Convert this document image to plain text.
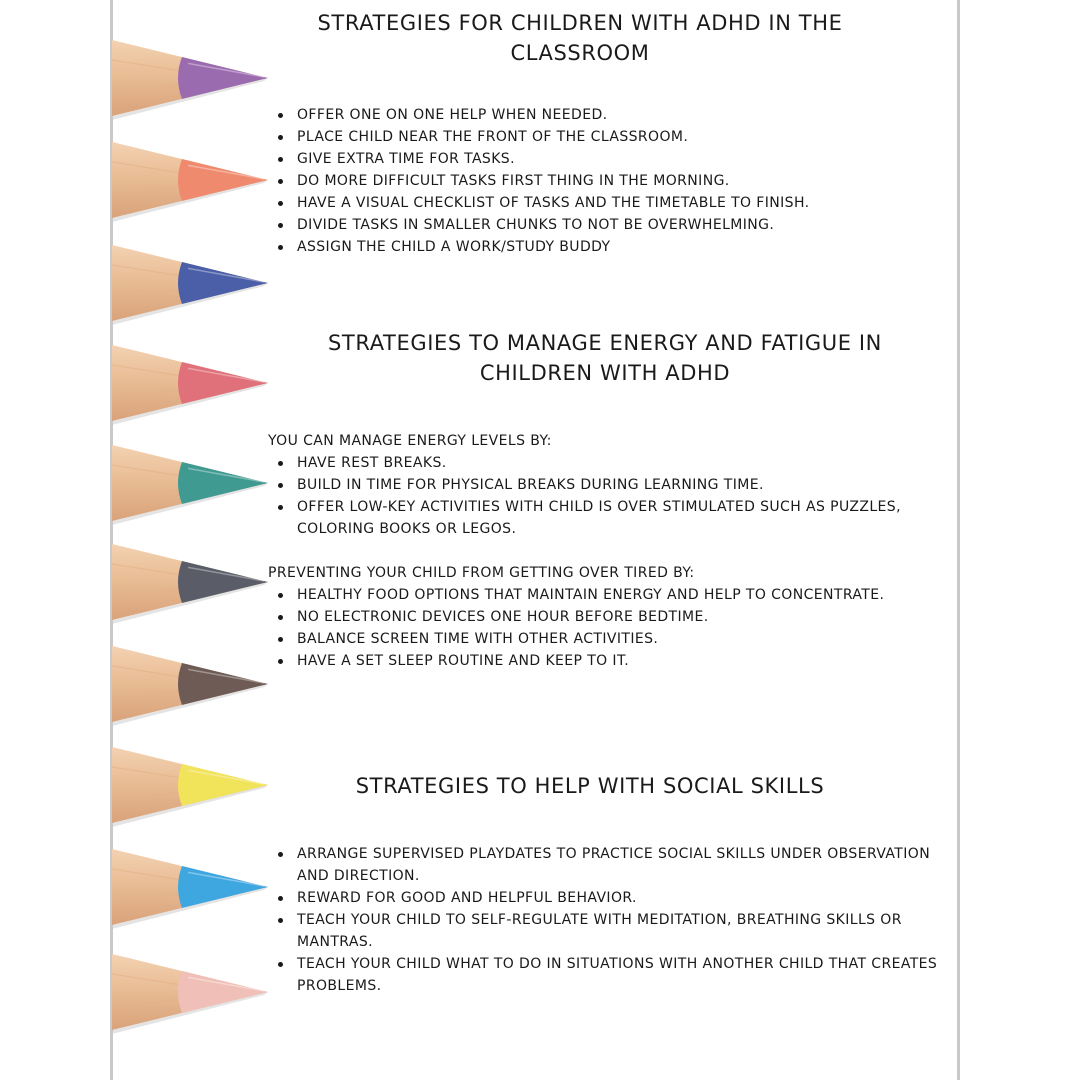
STRATEGIES FOR CHILDREN WITH ADHD IN THE CLASSROOM
OFFER ONE ON ONE HELP WHEN NEEDED.
PLACE CHILD NEAR THE FRONT OF THE CLASSROOM.
GIVE EXTRA TIME FOR TASKS.
DO MORE DIFFICULT TASKS FIRST THING IN THE MORNING.
HAVE A VISUAL CHECKLIST OF TASKS AND THE TIMETABLE TO FINISH.
DIVIDE TASKS IN SMALLER CHUNKS TO NOT BE OVERWHELMING.
ASSIGN THE CHILD A WORK/STUDY BUDDY
STRATEGIES TO MANAGE ENERGY AND FATIGUE IN CHILDREN WITH ADHD

YOU CAN MANAGE ENERGY LEVELS BY:

HAVE REST BREAKS.
BUILD IN TIME FOR PHYSICAL BREAKS DURING LEARNING TIME.
OFFER LOW-KEY ACTIVITIES WITH CHILD IS OVER STIMULATED SUCH AS PUZZLES, COLORING BOOKS OR LEGOS.

PREVENTING YOUR CHILD FROM GETTING OVER TIRED BY:

HEALTHY FOOD OPTIONS THAT MAINTAIN ENERGY AND HELP TO CONCENTRATE.
NO ELECTRONIC DEVICES ONE HOUR BEFORE BEDTIME.
BALANCE SCREEN TIME WITH OTHER ACTIVITIES.
HAVE A SET SLEEP ROUTINE AND KEEP TO IT.
STRATEGIES TO HELP WITH SOCIAL SKILLS
ARRANGE SUPERVISED PLAYDATES TO PRACTICE SOCIAL SKILLS UNDER OBSERVATION AND DIRECTION.
REWARD FOR GOOD AND HELPFUL BEHAVIOR.
TEACH YOUR CHILD TO SELF-REGULATE WITH MEDITATION, BREATHING SKILLS OR MANTRAS.
TEACH YOUR CHILD WHAT TO DO IN SITUATIONS WITH ANOTHER CHILD THAT CREATES PROBLEMS.
